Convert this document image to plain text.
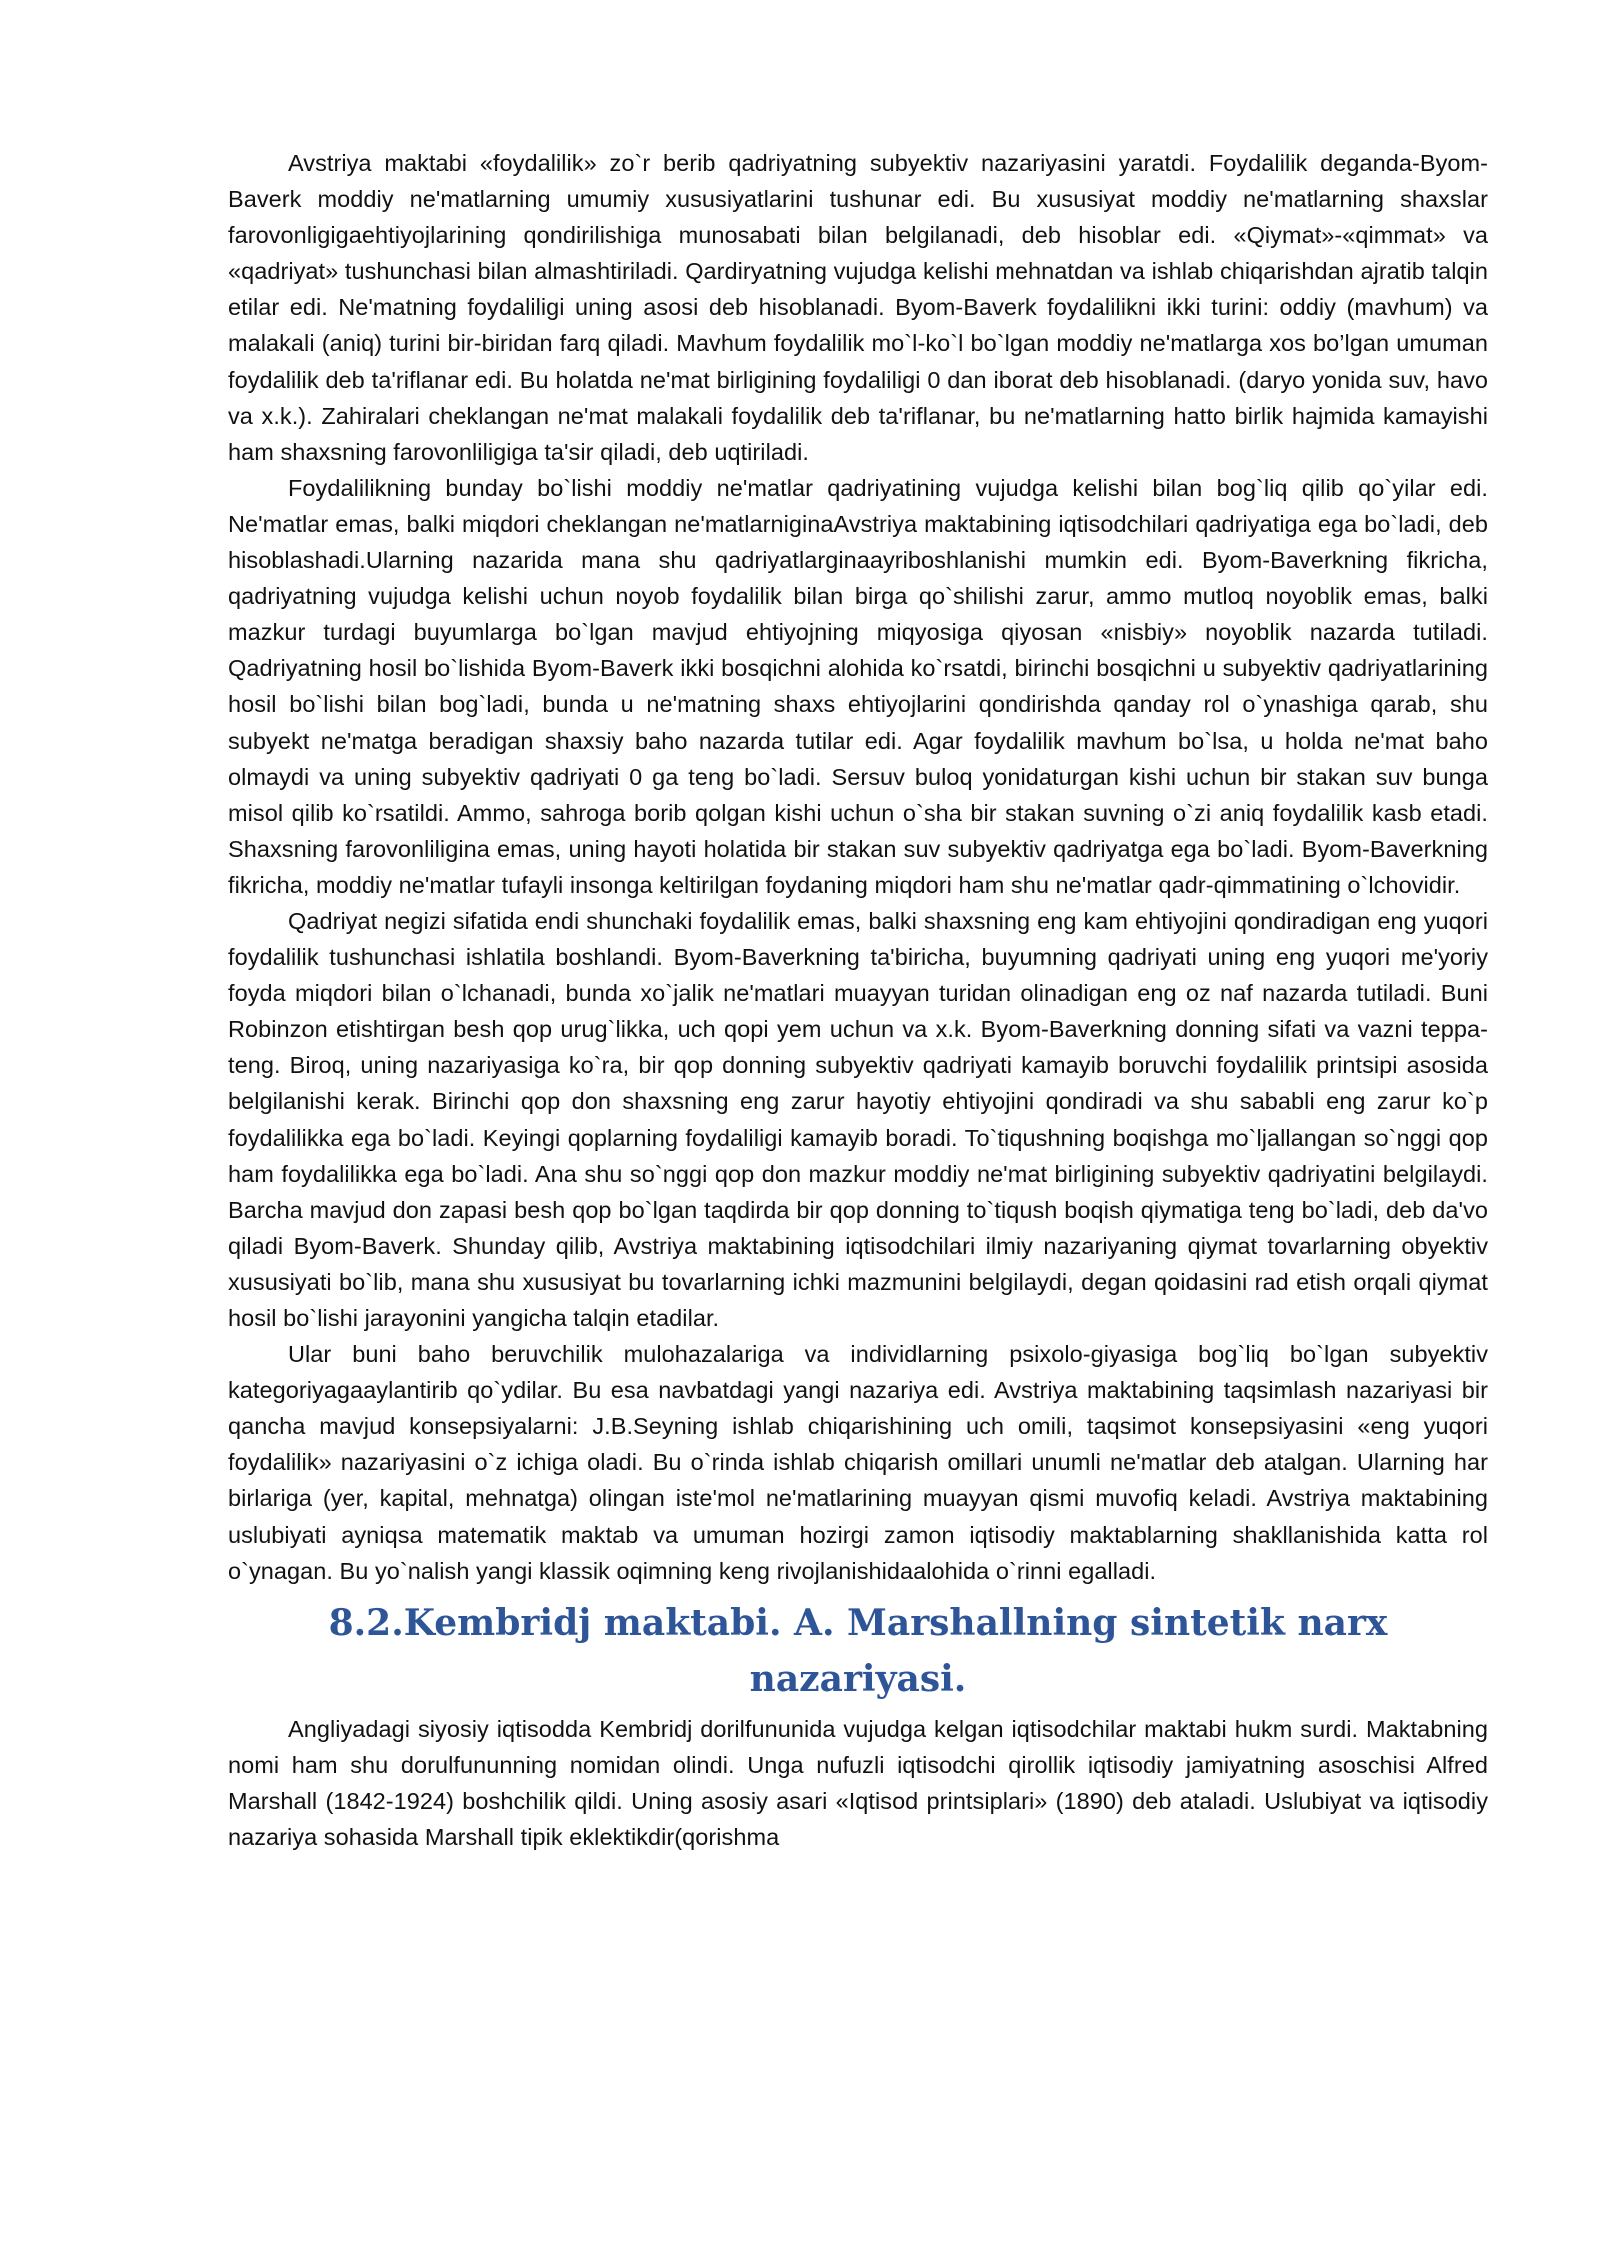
Avstriya maktabi «foydalilik» zo`r berib qadriyatning subyektiv nazariyasini yaratdi. Foydalilik deganda-Byom-Baverk moddiy ne'matlarning umumiy xususiyatlarini tushunar edi. Bu xususiyat moddiy ne'matlarning shaxslar farovonligigaehtiyojlarining qondirilishiga munosabati bilan belgilanadi, deb hisoblar edi. «Qiymat»-«qimmat» va «qadriyat» tushunchasi bilan almashtiriladi. Qardiryatning vujudga kelishi mehnatdan va ishlab chiqarishdan ajratib talqin etilar edi. Ne'matning foydaliligi uning asosi deb hisoblanadi. Byom-Baverk foydalilikni ikki turini: oddiy (mavhum) va malakali (aniq) turini bir-biridan farq qiladi. Mavhum foydalilik mo`l-ko`l bo`lgan moddiy ne'matlarga xos bo’lgan umuman foydalilik deb ta'riflanar edi. Bu holatda ne'mat birligining foydaliligi 0 dan iborat deb hisoblanadi. (daryo yonida suv, havo va x.k.). Zahiralari cheklangan ne'mat malakali foydalilik deb ta'riflanar, bu ne'matlarning hatto birlik hajmida kamayishi ham shaxsning farovonliligiga ta'sir qiladi, deb uqtiriladi.

Foydalilikning bunday bo`lishi moddiy ne'matlar qadriyatining vujudga kelishi bilan bog`liq qilib qo`yilar edi. Ne'matlar emas, balki miqdori cheklangan ne'matlarniginaAvstriya maktabining iqtisodchilari qadriyatiga ega bo`ladi, deb hisoblashadi.Ularning nazarida mana shu qadriyatlarginaayriboshlanishi mumkin edi. Byom-Baverkning fikricha, qadriyatning vujudga kelishi uchun noyob foydalilik bilan birga qo`shilishi zarur, ammo mutloq noyoblik emas, balki mazkur turdagi buyumlarga bo`lgan mavjud ehtiyojning miqyosiga qiyosan «nisbiy» noyoblik nazarda tutiladi. Qadriyatning hosil bo`lishida Byom-Baverk ikki bosqichni alohida ko`rsatdi, birinchi bosqichni u subyektiv qadriyatlarining hosil bo`lishi bilan bog`ladi, bunda u ne'matning shaxs ehtiyojlarini qondirishda qanday rol o`ynashiga qarab, shu subyekt ne'matga beradigan shaxsiy baho nazarda tutilar edi. Agar foydalilik mavhum bo`lsa, u holda ne'mat baho olmaydi va uning subyektiv qadriyati 0 ga teng bo`ladi. Sersuv buloq yonidaturgan kishi uchun bir stakan suv bunga misol qilib ko`rsatildi. Ammo, sahroga borib qolgan kishi uchun o`sha bir stakan suvning o`zi aniq foydalilik kasb etadi. Shaxsning farovonliligina emas, uning hayoti holatida bir stakan suv subyektiv qadriyatga ega bo`ladi. Byom-Baverkning fikricha, moddiy ne'matlar tufayli insonga keltirilgan foydaning miqdori ham shu ne'matlar qadr-qimmatining o`lchovidir.

Qadriyat negizi sifatida endi shunchaki foydalilik emas, balki shaxsning eng kam ehtiyojini qondiradigan eng yuqori foydalilik tushunchasi ishlatila boshlandi. Byom-Baverkning ta'biricha, buyumning qadriyati uning eng yuqori me'yoriy foyda miqdori bilan o`lchanadi, bunda xo`jalik ne'matlari muayyan turidan olinadigan eng oz naf nazarda tutiladi. Buni Robinzon etishtirgan besh qop urug`likka, uch qopi yem uchun va x.k. Byom-Baverkning donning sifati va vazni teppa-teng. Biroq, uning nazariyasiga ko`ra, bir qop donning subyektiv qadriyati kamayib boruvchi foydalilik printsipi asosida belgilanishi kerak. Birinchi qop don shaxsning eng zarur hayotiy ehtiyojini qondiradi va shu sababli eng zarur ko`p foydalilikka ega bo`ladi. Keyingi qoplarning foydaliligi kamayib boradi. To`tiqushning boqishga mo`ljallangan so`nggi qop ham foydalilikka ega bo`ladi. Ana shu so`nggi qop don mazkur moddiy ne'mat birligining subyektiv qadriyatini belgilaydi. Barcha mavjud don zapasi besh qop bo`lgan taqdirda bir qop donning to`tiqush boqish qiymatiga teng bo`ladi, deb da'vo qiladi Byom-Baverk. Shunday qilib, Avstriya maktabining iqtisodchilari ilmiy nazariyaning qiymat tovarlarning obyektiv xususiyati bo`lib, mana shu xususiyat bu tovarlarning ichki mazmunini belgilaydi, degan qoidasini rad etish orqali qiymat hosil bo`lishi jarayonini yangicha talqin etadilar.

Ular buni baho beruvchilik mulohazalariga va individlarning psixolo-giyasiga bog`liq bo`lgan subyektiv kategoriyagaaylantirib qo`ydilar. Bu esa navbatdagi yangi nazariya edi. Avstriya maktabining taqsimlash nazariyasi bir qancha mavjud konsepsiyalarni: J.B.Seyning ishlab chiqarishining uch omili, taqsimot konsepsiyasini «eng yuqori foydalilik» nazariyasini o`z ichiga oladi. Bu o`rinda ishlab chiqarish omillari unumli ne'matlar deb atalgan. Ularning har birlariga (yer, kapital, mehnatga) olingan iste'mol ne'matlarining muayyan qismi muvofiq keladi. Avstriya maktabining uslubiyati ayniqsa matematik maktab va umuman hozirgi zamon iqtisodiy maktablarning shakllanishida katta rol o`ynagan. Bu yo`nalish yangi klassik oqimning keng rivojlanishidaalohida o`rinni egalladi.

8.2.Kembridj maktabi. A. Marshallning sintetik narx
nazariyasi.

Angliyadagi siyosiy iqtisodda Kembridj dorilfununida vujudga kelgan iqtisodchilar maktabi hukm surdi. Maktabning nomi ham shu dorulfununning nomidan olindi. Unga nufuzli iqtisodchi qirollik iqtisodiy jamiyatning asoschisi Alfred Marshall (1842-1924) boshchilik qildi. Uning asosiy asari «Iqtisod printsiplari» (1890) deb ataladi. Uslubiyat va iqtisodiy nazariya sohasida Marshall tipik eklektikdir(qorishma
